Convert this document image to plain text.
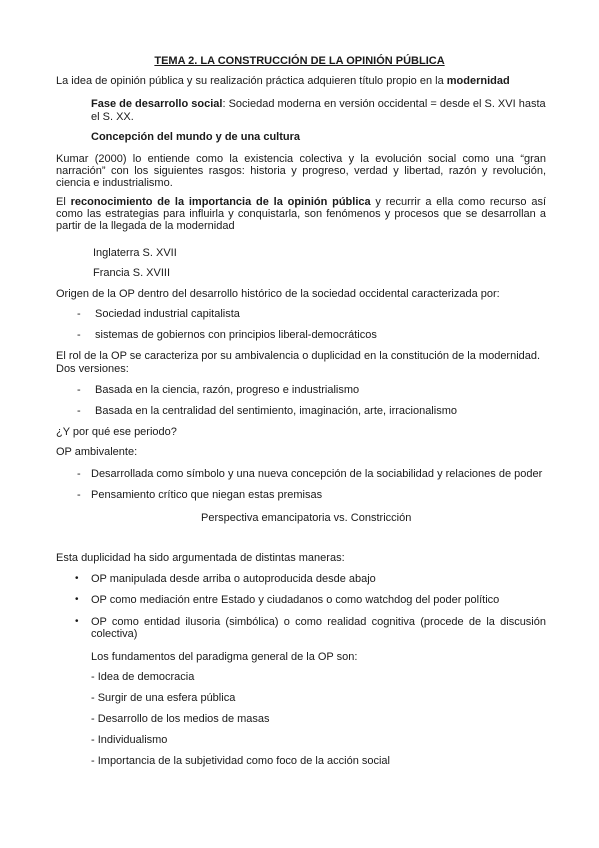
TEMA 2. LA CONSTRUCCIÓN DE LA OPINIÓN PÚBLICA
La idea de opinión pública y su realización práctica adquieren título propio en la modernidad
Fase de desarrollo social: Sociedad moderna en versión occidental = desde el S. XVI hasta
el S. XX.
Concepción del mundo y de una cultura
Kumar (2000) lo entiende como la existencia colectiva y la evolución social como una “gran narración” con los siguientes rasgos: historia y progreso, verdad y libertad, razón y revolución, ciencia e industrialismo.
El reconocimiento de la importancia de la opinión pública y recurrir a ella como recurso así como las estrategias para influirla y conquistarla, son fenómenos y procesos que se desarrollan a partir de la llegada de la modernidad
Inglaterra S. XVII
Francia S. XVIII
Origen de la OP dentro del desarrollo histórico de la sociedad occidental caracterizada por:
- Sociedad industrial capitalista
- sistemas de gobiernos con principios liberal-democráticos
El rol de la OP se caracteriza por su ambivalencia o duplicidad en la constitución de la modernidad.
Dos versiones:
- Basada en la ciencia, razón, progreso e industrialismo
- Basada en la centralidad del sentimiento, imaginación, arte, irracionalismo
¿Y por qué ese periodo?
OP ambivalente:
- Desarrollada como símbolo y una nueva concepción de la sociabilidad y relaciones de poder
- Pensamiento crítico que niegan estas premisas
Perspectiva emancipatoria vs. Constricción
Esta duplicidad ha sido argumentada de distintas maneras:
• OP manipulada desde arriba o autoproducida desde abajo
• OP como mediación entre Estado y ciudadanos o como watchdog del poder político
• OP como entidad ilusoria (simbólica) o como realidad cognitiva (procede de la discusión colectiva)
Los fundamentos del paradigma general de la OP son:
- Idea de democracia
- Surgir de una esfera pública
- Desarrollo de los medios de masas
- Individualismo
- Importancia de la subjetividad como foco de la acción social
